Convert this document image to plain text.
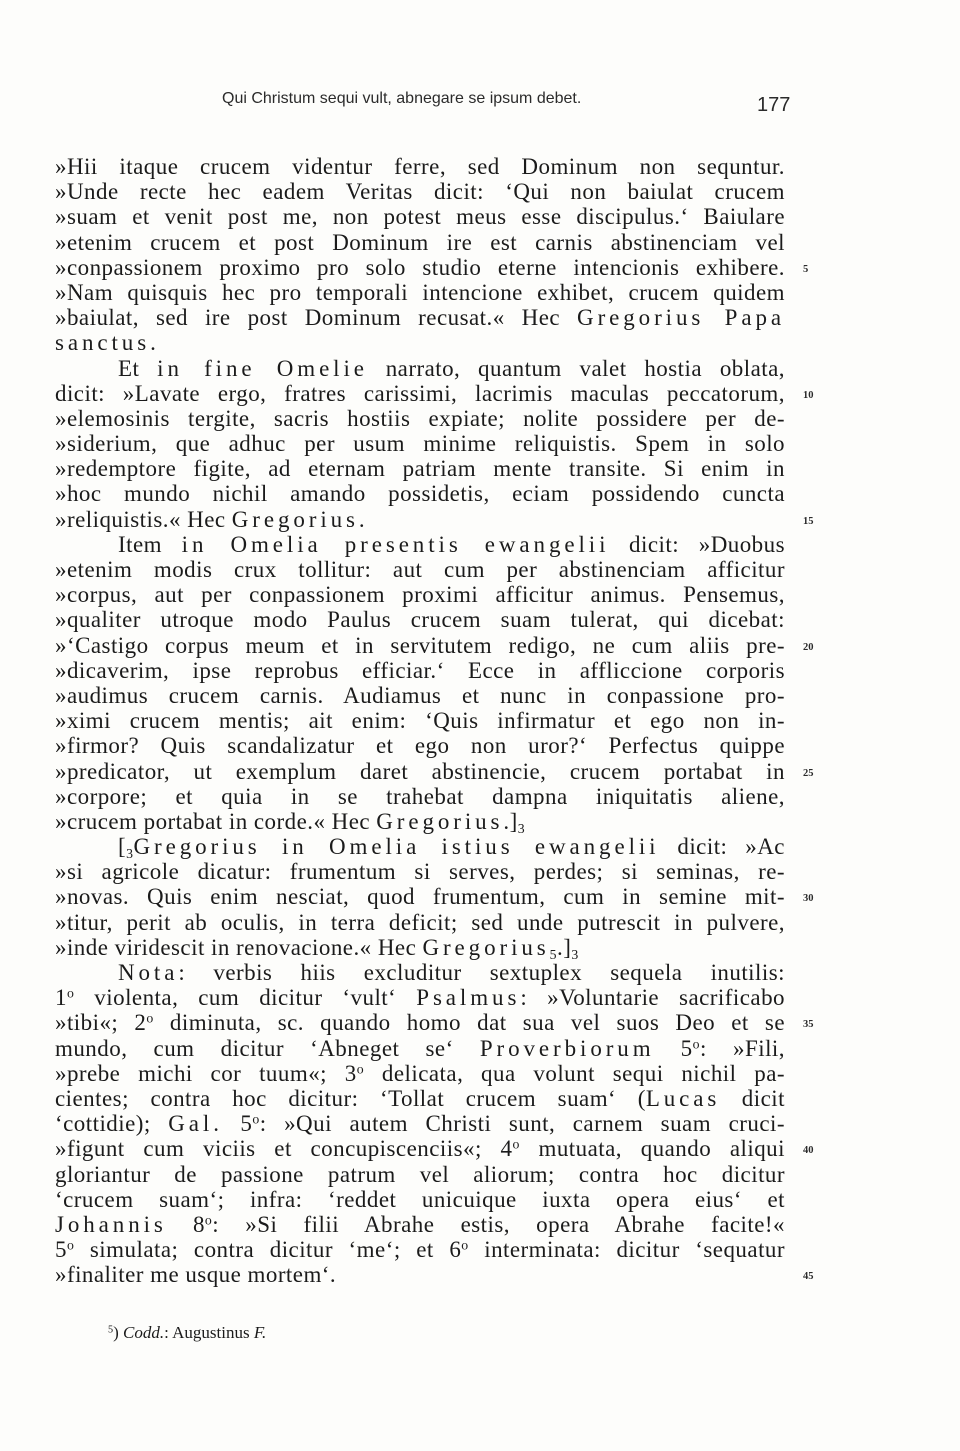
Qui Christum sequi vult, abnegare se ipsum debet.	177
»Hii itaque crucem videntur ferre, sed Dominum non sequntur.
»Unde recte hec eadem Veritas dicit: ‘Qui non baiulat crucem
»suam et venit post me, non potest meus esse discipulus.‘ Baiulare
»etenim crucem et post Dominum ire est carnis abstinenciam vel
»conpassionem proximo pro solo studio eterne intencionis exhibere. 5
»Nam quisquis hec pro temporali intencione exhibet, crucem quidem
»baiulat, sed ire post Dominum recusat.« Hec Gregorius Papa
sanctus.
Et in fine Omelie narrato, quantum valet hostia oblata,
dicit: »Lavate ergo, fratres carissimi, lacrimis maculas peccatorum, 10
»elemosinis tergite, sacris hostiis expiate; nolite possidere per de-
»siderium, que adhuc per usum minime reliquistis. Spem in solo
»redemptore figite, ad eternam patriam mente transite. Si enim in
»hoc mundo nichil amando possidetis, eciam possidendo cuncta
»reliquistis.« Hec Gregorius.	15
Item in Omelia presentis ewangelii dicit: »Duobus
»etenim modis crux tollitur: aut cum per abstinenciam afficitur
»corpus, aut per conpassionem proximi afficitur animus. Pensemus,
»qualiter utroque modo Paulus crucem suam tulerat, qui dicebat:
»‘Castigo corpus meum et in servitutem redigo, ne cum aliis pre- 20
»dicaverim, ipse reprobus efficiar.‘ Ecce in affliccione corporis
»audimus crucem carnis. Audiamus et nunc in conpassione pro-
»ximi crucem mentis; ait enim: ‘Quis infirmatur et ego non in-
»firmor? Quis scandalizatur et ego non uror?‘ Perfectus quippe
»predicator, ut exemplum daret abstinencie, crucem portabat in 25
»corpore; et quia in se trahebat dampna iniquitatis aliene,
»crucem portabat in corde.« Hec Gregorius.]3
[3Gregorius in Omelia istius ewangelii dicit: »Ac
»si agricole dicatur: frumentum si serves, perdes; si seminas, re-
»novas. Quis enim nesciat, quod frumentum, cum in semine mit- 30
»titur, perit ab oculis, in terra deficit; sed unde putrescit in pulvere,
»inde viridescit in renovacione.« Hec Gregorius5.]3
Nota: verbis hiis excluditur sextuplex sequela inutilis:
1$^o$ violenta, cum dicitur ‘vult‘ Psalmus: »Voluntarie sacrificabo
»tibi«; 2$^o$ diminuta, sc. quando homo dat sua vel suos Deo et se 35
mundo, cum dicitur ‘Abneget se‘ Proverbiorum 5$^o$: »Fili,
»prebe michi cor tuum«; 3$^o$ delicata, qua volunt sequi nichil pa-
cientes; contra hoc dicitur: ‘Tollat crucem suam‘ (Lucas dicit
‘cottidie); Gal. 5$^o$: »Qui autem Christi sunt, carnem suam cruci-
»figunt cum viciis et concupiscenciis«; 4$^o$ mutuata, quando aliqui 40
gloriantur de passione patrum vel aliorum; contra hoc dicitur
‘crucem suam‘; infra: ‘reddet unicuique iuxta opera eius‘ et
Johannis 8$^o$: »Si filii Abrahe estis, opera Abrahe facite!«
5$^o$ simulata; contra dicitur ‘me‘; et 6$^o$ interminata: dicitur ‘sequatur
»finaliter me usque mortem‘.	45
$^5$) Codd.: Augustinus F.
